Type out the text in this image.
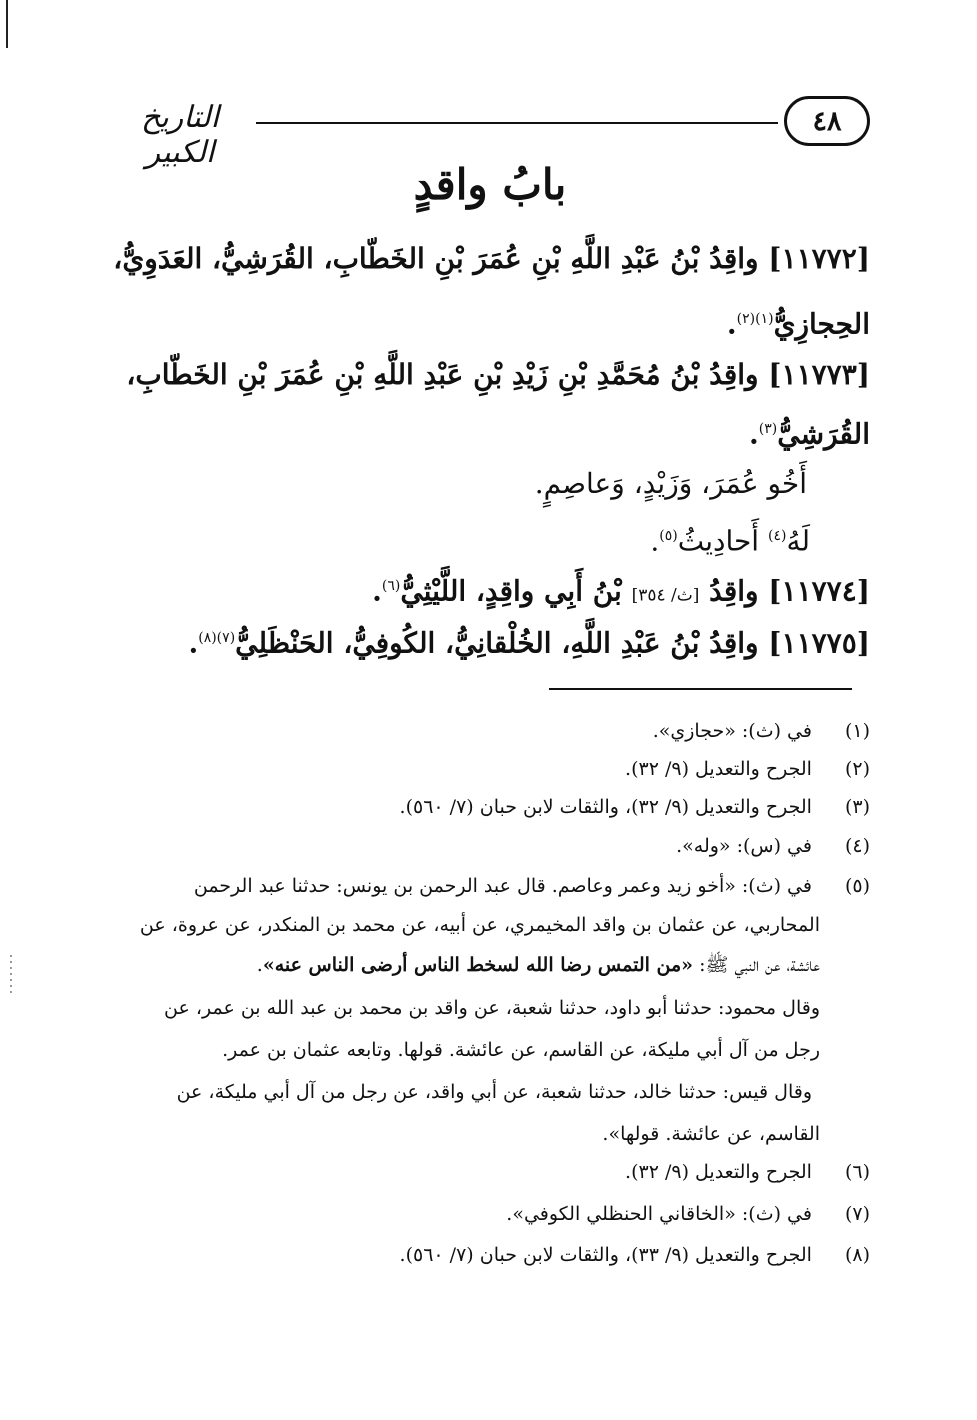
٤٨
التاريخ الكبير
بابُ واقدٍ
[١١٧٧٢] واقِدُ بْنُ عَبْدِ اللَّهِ بْنِ عُمَرَ بْنِ الخَطّابِ، القُرَشِيُّ، العَدَوِيُّ،
الحِجازِيُّ$^{(١)(٢)}$.
[١١٧٧٣] واقِدُ بْنُ مُحَمَّدِ بْنِ زَيْدِ بْنِ عَبْدِ اللَّهِ بْنِ عُمَرَ بْنِ الخَطّابِ،
القُرَشِيُّ$^{(٣)}$.
أَخُو عُمَرَ، وَزَيْدٍ، وَعاصِمٍ.
لَهُ$^{(٤)}$ أَحادِيثُ$^{(٥)}$.
[١١٧٧٤] واقِدُ [ث/ ٣٥٤] بْنُ أَبِي واقِدٍ، اللَّيْثِيُّ$^{(٦)}$.
[١١٧٧٥] واقِدُ بْنُ عَبْدِ اللَّهِ، الخُلْقانِيُّ، الكُوفِيُّ، الحَنْظَلِيُّ$^{(٧)(٨)}$.
(١) في (ث): «حجازي».
(٢) الجرح والتعديل (٩/ ٣٢).
(٣) الجرح والتعديل (٩/ ٣٢)، والثقات لابن حبان (٧/ ٥٦٠).
(٤) في (س): «وله».
(٥) في (ث): «أخو زيد وعمر وعاصم. قال عبد الرحمن بن يونس: حدثنا عبد الرحمن
المحاربي، عن عثمان بن واقد المخيمري، عن أبيه، عن محمد بن المنكدر، عن عروة، عن
عائشة، عن النبي ﷺ: «من التمس رضا الله لسخط الناس أرضى الناس عنه».
وقال محمود: حدثنا أبو داود، حدثنا شعبة، عن واقد بن محمد بن عبد الله بن عمر، عن
رجل من آل أبي مليكة، عن القاسم، عن عائشة. قولها. وتابعه عثمان بن عمر.
وقال قيس: حدثنا خالد، حدثنا شعبة، عن أبي واقد، عن رجل من آل أبي مليكة، عن
القاسم، عن عائشة. قولها».
(٦) الجرح والتعديل (٩/ ٣٢).
(٧) في (ث): «الخاقاني الحنظلي الكوفي».
(٨) الجرح والتعديل (٩/ ٣٣)، والثقات لابن حبان (٧/ ٥٦٠).
